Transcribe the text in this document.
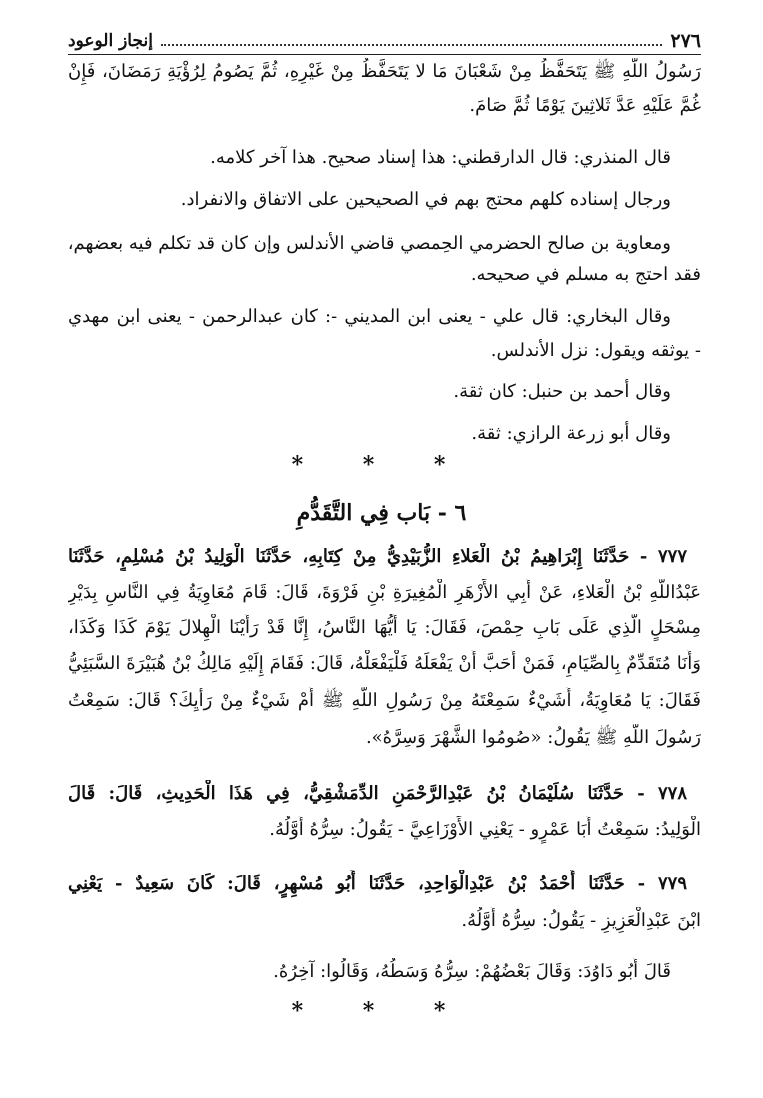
٢٧٦
إنجاز الوعود
رَسُولُ اللَّهِ ﷺ يَتَحَفَّظُ مِنْ شَعْبَانَ مَا لا يَتَحَفَّظُ مِنْ غَيْرِهِ، ثُمَّ يَصُومُ لِرُؤْيَةِ رَمَضَانَ، فَإِنْ
غُمَّ عَلَيْهِ عَدَّ ثَلاثِينَ يَوْمًا ثُمَّ صَامَ.
قال المنذري: قال الدارقطني: هذا إسناد صحيح. هذا آخر كلامه.
ورجال إسناده كلهم محتج بهم في الصحيحين على الاتفاق والانفراد.
ومعاوية بن صالح الحضرمي الحِمصي قاضي الأندلس وإن كان قد تكلم فيه بعضهم،
فقد احتج به مسلم في صحيحه.
وقال البخاري: قال علي - يعنى ابن المديني -: كان عبدالرحمن - يعنى ابن مهدي
- يوثقه ويقول: نزل الأندلس.
وقال أحمد بن حنبل: كان ثقة.
وقال أبو زرعة الرازي: ثقة.
* * *
٦ - بَاب فِي التَّقَدُّمِ
٧٧٧ - حَدَّثَنَا إِبْرَاهِيمُ بْنُ الْعَلاءِ الزُّبَيْدِيُّ مِنْ كِتَابِهِ، حَدَّثَنَا الْوَلِيدُ بْنُ مُسْلِمٍ، حَدَّثَنَا
عَبْدُاللَّهِ بْنُ الْعَلاءِ، عَنْ أَبِي الأَزْهَرِ الْمُغِيرَةِ بْنِ فَرْوَةَ، قَالَ: قَامَ مُعَاوِيَةُ فِي النَّاسِ بِدَيْرِ
مِسْحَلٍ الَّذِي عَلَى بَابِ حِمْصَ، فَقَالَ: يَا أَيُّهَا النَّاسُ، إِنَّا قَدْ رَأَيْنَا الْهِلالَ يَوْمَ كَذَا وَكَذَا،
وَأَنَا مُتَقَدِّمٌ بِالصِّيَامِ، فَمَنْ أَحَبَّ أَنْ يَفْعَلَهُ فَلْيَفْعَلْهُ، قَالَ: فَقَامَ إِلَيْهِ مَالِكُ بْنُ هُبَيْرَةَ السَّبَئِيُّ
فَقَالَ: يَا مُعَاوِيَةُ، أَشَيْءٌ سَمِعْتَهُ مِنْ رَسُولِ اللَّهِ ﷺ أَمْ شَيْءٌ مِنْ رَأْيِكَ؟ قَالَ: سَمِعْتُ
رَسُولَ اللَّهِ ﷺ يَقُولُ: «صُومُوا الشَّهْرَ وَسِرَّهُ».
٧٧٨ - حَدَّثَنَا سُلَيْمَانُ بْنُ عَبْدِالرَّحْمَنِ الدِّمَشْقِيُّ، فِي هَذَا الْحَدِيثِ، قَالَ: قَالَ
الْوَلِيدُ: سَمِعْتُ أَبَا عَمْرٍو - يَعْنِي الأَوْزَاعِيَّ - يَقُولُ: سِرُّهُ أَوَّلُهُ.
٧٧٩ - حَدَّثَنَا أَحْمَدُ بْنُ عَبْدِالْوَاحِدِ، حَدَّثَنَا أَبُو مُسْهِرٍ، قَالَ: كَانَ سَعِيدٌ - يَعْنِي
ابْنَ عَبْدِالْعَزِيزِ - يَقُولُ: سِرُّهُ أَوَّلُهُ.
قَالَ أَبُو دَاوُدَ: وَقَالَ بَعْضُهُمْ: سِرُّهُ وَسَطُهُ، وَقَالُوا: آخِرُهُ.
* * *
